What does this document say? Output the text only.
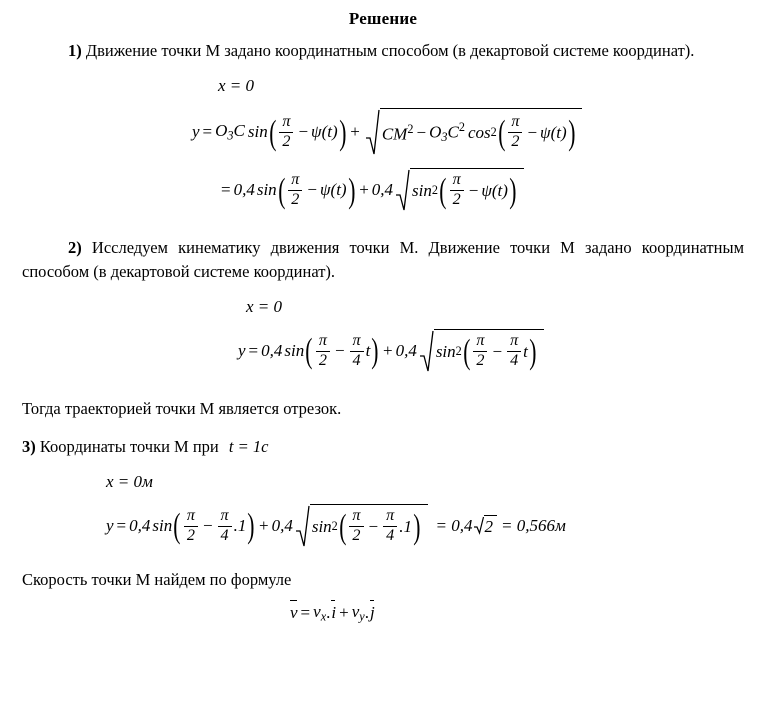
Решение
1) Движение точки М задано координатным способом (в декартовой системе координат).
x = 0
$y = O_3C$ sin ( $\frac{\pi}{2} - \psi(t)$ ) + $CM^2 - O_3C^2$ cos 2 ( $\frac{\pi}{2} - \psi(t)$ )
= 0,4 sin ( $\frac{\pi}{2} - \psi(t)$ ) + 0,4 sin 2 ( $\frac{\pi}{2} - \psi(t)$ )
2) Исследуем кинематику движения точки М. Движение точки М задано координатным способом (в декартовой системе координат).
x = 0
y = 0,4 sin ( $\frac{\pi}{2} - \frac{\pi}{4}$ t ) + 0,4 sin 2 ( $\frac{\pi}{2} - \frac{\pi}{4}$ t )
Тогда траекторией точки М является отрезок.
3) Координаты точки М при t = 1c
x = 0м
y = 0,4 sin ( $\frac{\pi}{2} - \frac{\pi}{4} .1$ ) + 0,4 sin 2 ( $\frac{\pi}{2} - \frac{\pi}{4} .1$ ) = 0,4 2 = 0,566м
Скорость точки М найдем по формуле
$v = v_x$ . $i + v_y$ . j
